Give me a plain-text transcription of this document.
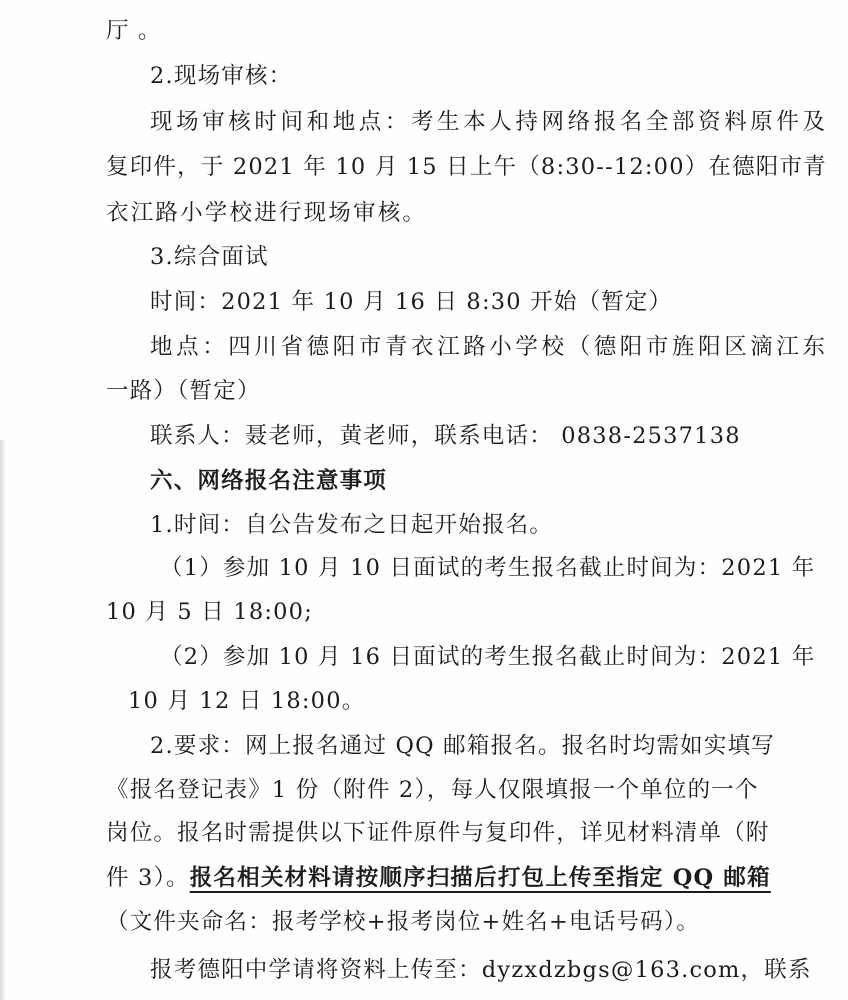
厅 。
2.现场审核：
现场审核时间和地点：考生本人持网络报名全部资料原件及
复印件，于 2021 年 10 月 15 日上午（8:30--12:00）在德阳市青
衣江路小学校进行现场审核。
3.综合面试
时间：2021 年 10 月 16 日 8:30 开始（暂定）
地点：四川省德阳市青衣江路小学校（德阳市旌阳区滴江东
一路）（暂定）
联系人：聂老师，黄老师，联系电话： 0838-2537138
六、网络报名注意事项
1.时间：自公告发布之日起开始报名。
（1）参加 10 月 10 日面试的考生报名截止时间为：2021 年
10 月 5 日 18:00;
（2）参加 10 月 16 日面试的考生报名截止时间为：2021 年
10 月 12 日 18:00。
2.要求：网上报名通过 QQ 邮箱报名。报名时均需如实填写
《报名登记表》1 份（附件 2），每人仅限填报一个单位的一个
岗位。报名时需提供以下证件原件与复印件，详见材料清单（附
件 3）。报名相关材料请按顺序扫描后打包上传至指定 QQ 邮箱
（文件夹命名：报考学校+报考岗位+姓名+电话号码）。
报考德阳中学请将资料上传至：dyzxdzbgs@163.com，联系
